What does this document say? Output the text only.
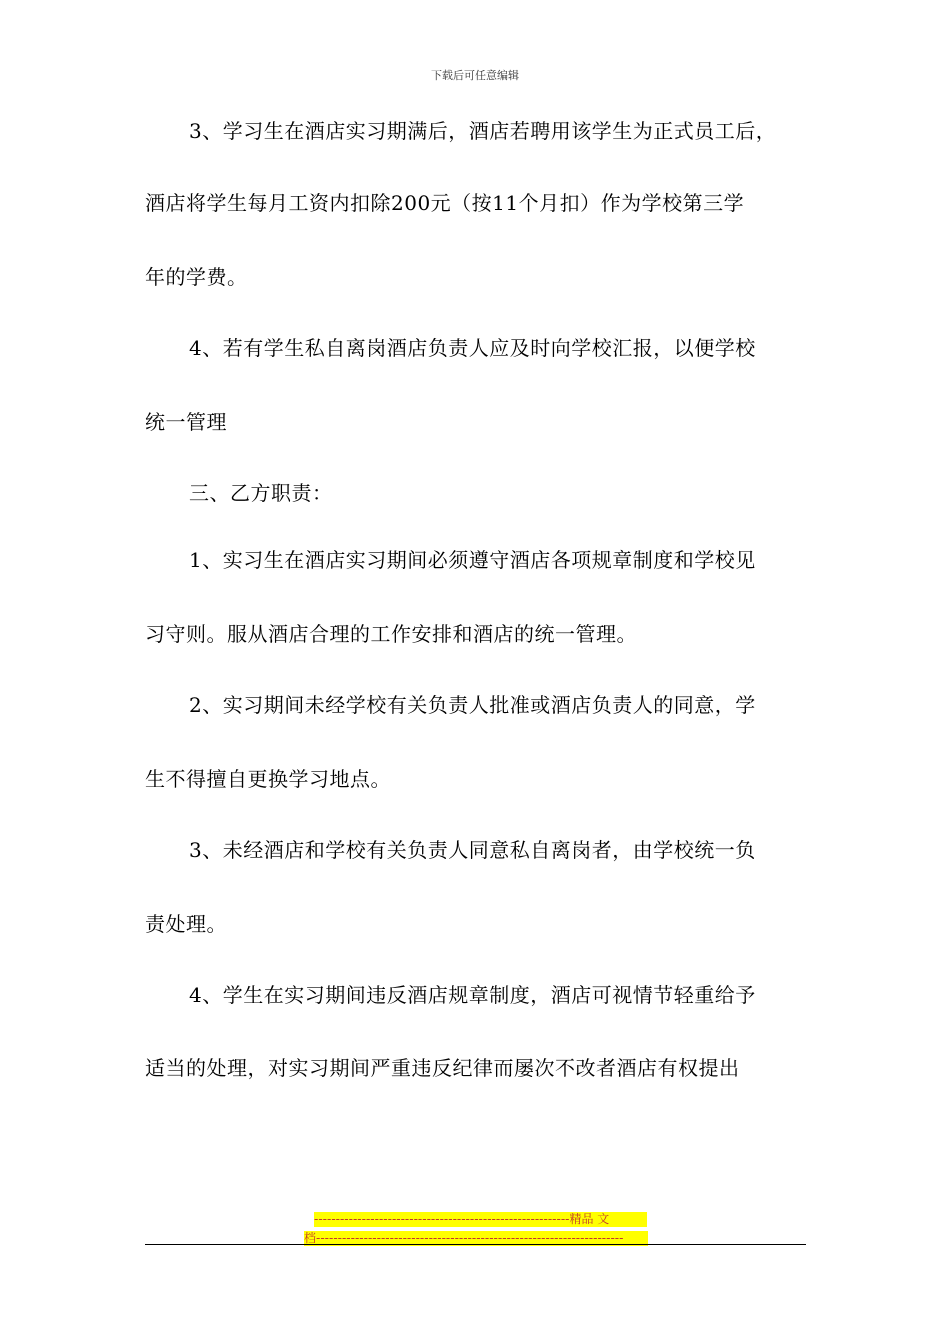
下载后可任意编辑
3、学习生在酒店实习期满后，酒店若聘用该学生为正式员工后，
酒店将学生每月工资内扣除200元（按11个月扣）作为学校第三学
年的学费。
4、若有学生私自离岗酒店负责人应及时向学校汇报，以便学校
统一管理
三、乙方职责：
1、实习生在酒店实习期间必须遵守酒店各项规章制度和学校见
习守则。服从酒店合理的工作安排和酒店的统一管理。
2、实习期间未经学校有关负责人批准或酒店负责人的同意，学
生不得擅自更换学习地点。
3、未经酒店和学校有关负责人同意私自离岗者，由学校统一负
责处理。
4、学生在实习期间违反酒店规章制度，酒店可视情节轻重给予
适当的处理，对实习期间严重违反纪律而屡次不改者酒店有权提出
-----------------------------------------------------------精品 文
档-----------------------------------------------------------------------
